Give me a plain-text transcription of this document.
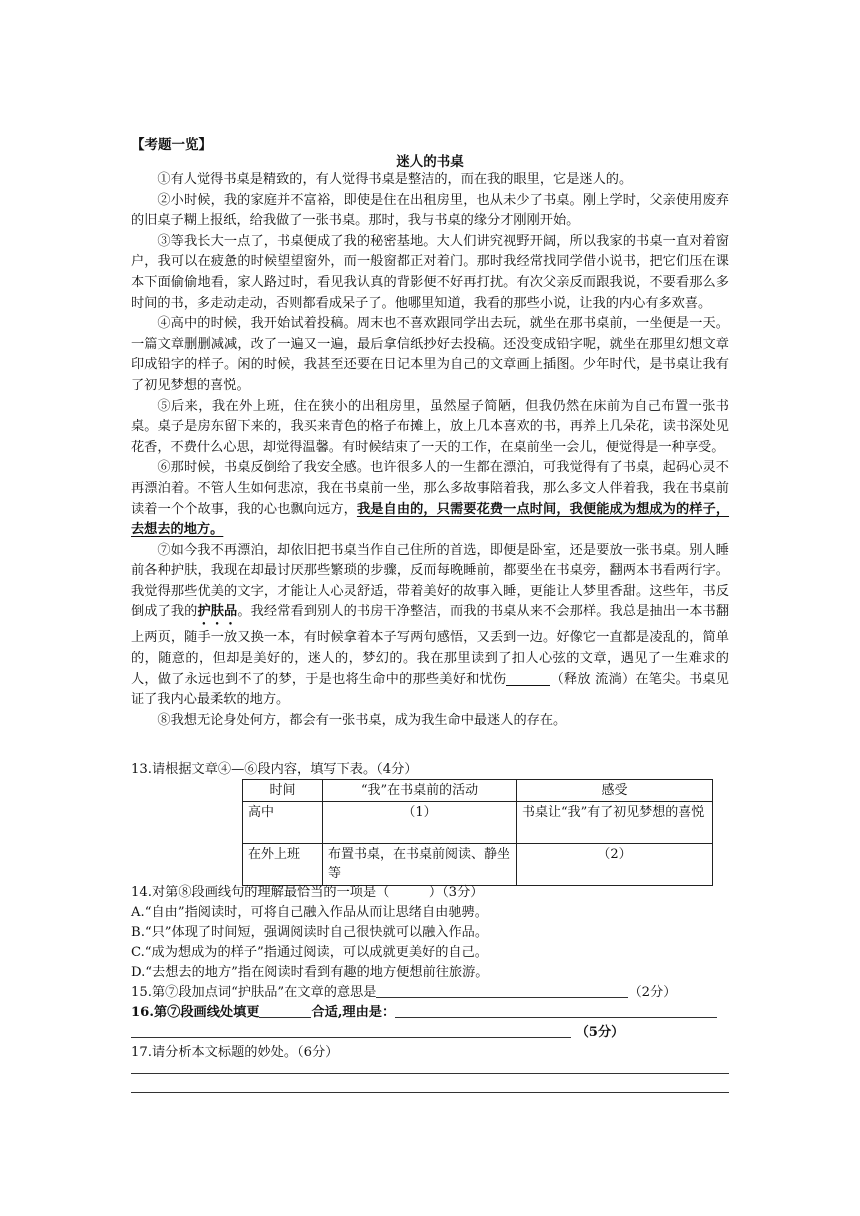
【考题一览】
迷人的书桌

①有人觉得书桌是精致的，有人觉得书桌是整洁的，而在我的眼里，它是迷人的。

②小时候，我的家庭并不富裕，即使是住在出租房里，也从未少了书桌。刚上学时，父亲使用废弃的旧桌子糊上报纸，给我做了一张书桌。那时，我与书桌的缘分才刚刚开始。

③等我长大一点了，书桌便成了我的秘密基地。大人们讲究视野开阔，所以我家的书桌一直对着窗户，我可以在疲惫的时候望望窗外，而一般窗都正对着门。那时我经常找同学借小说书，把它们压在课本下面偷偷地看，家人路过时，看见我认真的背影便不好再打扰。有次父亲反而跟我说，不要看那么多时间的书，多走动走动，否则都看成呆子了。他哪里知道，我看的那些小说，让我的内心有多欢喜。

④高中的时候，我开始试着投稿。周末也不喜欢跟同学出去玩，就坐在那书桌前，一坐便是一天。一篇文章删删减减，改了一遍又一遍，最后拿信纸抄好去投稿。还没变成铅字呢，就坐在那里幻想文章印成铅字的样子。闲的时候，我甚至还要在日记本里为自己的文章画上插图。少年时代，是书桌让我有了初见梦想的喜悦。

⑤后来，我在外上班，住在狭小的出租房里，虽然屋子简陋，但我仍然在床前为自己布置一张书桌。桌子是房东留下来的，我买来青色的格子布摊上，放上几本喜欢的书，再养上几朵花，读书深处见花香，不费什么心思，却觉得温馨。有时候结束了一天的工作，在桌前坐一会儿，便觉得是一种享受。

⑥那时候，书桌反倒给了我安全感。也许很多人的一生都在漂泊，可我觉得有了书桌，起码心灵不再漂泊着。不管人生如何悲凉，我在书桌前一坐，那么多故事陪着我，那么多文人伴着我，我在书桌前读着一个个故事，我的心也飘向远方，我是自由的，只需要花费一点时间，我便能成为想成为的样子，去想去的地方。

⑦如今我不再漂泊，却依旧把书桌当作自己住所的首选，即便是卧室，还是要放一张书桌。别人睡前各种护肤，我现在却最讨厌那些繁琐的步骤，反而每晚睡前，都要坐在书桌旁，翻两本书看两行字。我觉得那些优美的文字，才能让人心灵舒适，带着美好的故事入睡，更能让人梦里香甜。这些年，书反倒成了我的护肤品。我经常看到别人的书房干净整洁，而我的书桌从来不会那样。我总是抽出一本书翻上两页，随手一放又换一本，有时候拿着本子写两句感悟，又丢到一边。好像它一直都是凌乱的，简单的，随意的，但却是美好的，迷人的，梦幻的。我在那里读到了扣人心弦的文章，遇见了一生难求的人，做了永远也到不了的梦，于是也将生命中的那些美好和忧伤	（释放 流淌）在笔尖。书桌见证了我内心最柔软的地方。

⑧我想无论身处何方，都会有一张书桌，成为我生命中最迷人的存在。

13.请根据文章④—⑥段内容，填写下表。（4分）
时间	“我”在书桌前的活动	感受
高中	（1）	书桌让“我”有了初见梦想的喜悦
在外上班	布置书桌，在书桌前阅读、静坐等	（2）
14.对第⑧段画线句的理解最恰当的一项是（　　　）（3分）
A.“自由”指阅读时，可将自己融入作品从而让思绪自由驰骋。
B.“只”体现了时间短，强调阅读时自己很快就可以融入作品。
C.“成为想成为的样子”指通过阅读，可以成就更美好的自己。
D.“去想去的地方”指在阅读时看到有趣的地方便想前往旅游。
15.第⑦段加点词“护肤品”在文章的意思是	（2分）
16.第⑦段画线处填更	合适,理由是：
（5分）
17.请分析本文标题的妙处。（6分）
